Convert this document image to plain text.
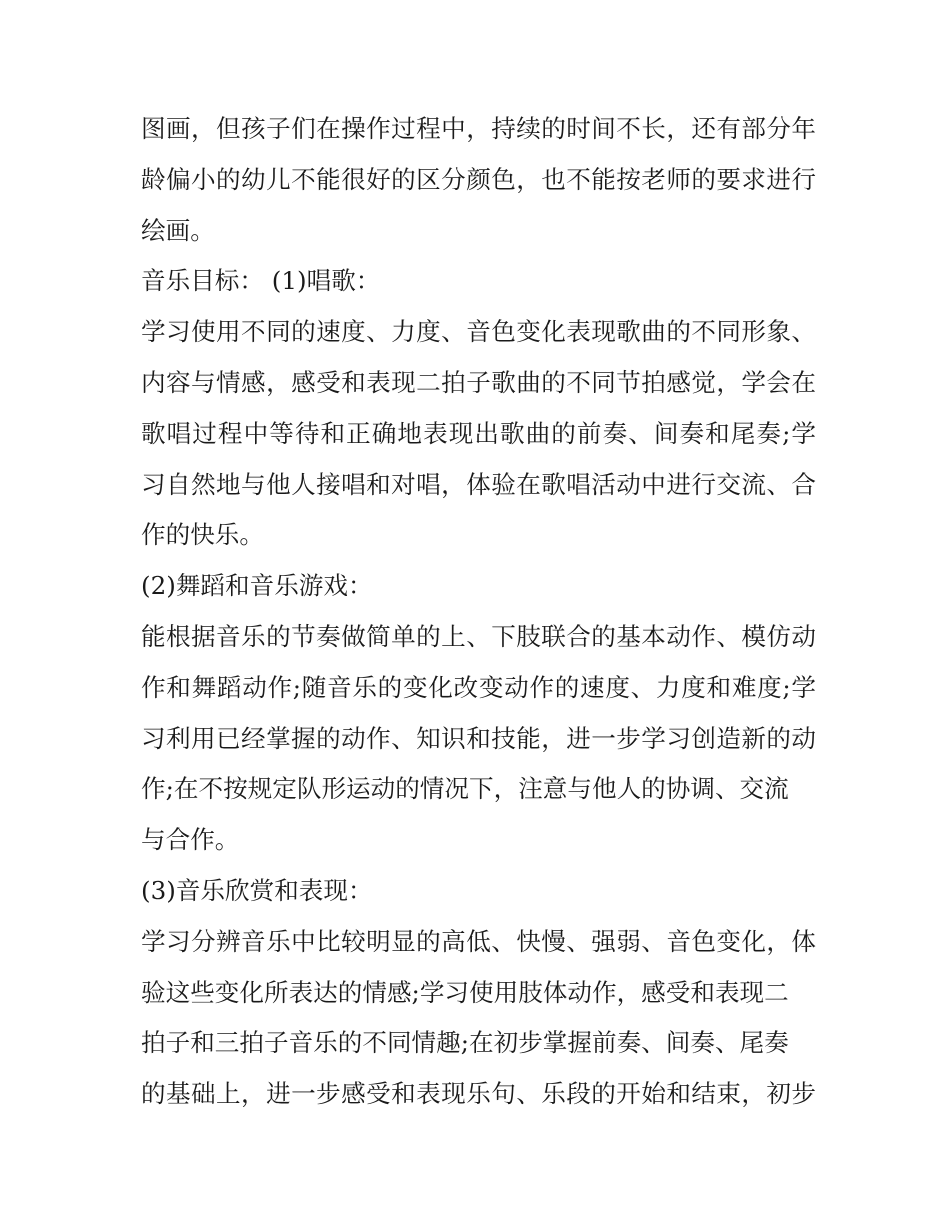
图画，但孩子们在操作过程中，持续的时间不长，还有部分年
龄偏小的幼儿不能很好的区分颜色，也不能按老师的要求进行
绘画。
音乐目标： (1)唱歌：
学习使用不同的速度、力度、音色变化表现歌曲的不同形象、
内容与情感，感受和表现二拍子歌曲的不同节拍感觉，学会在
歌唱过程中等待和正确地表现出歌曲的前奏、间奏和尾奏;学
习自然地与他人接唱和对唱，体验在歌唱活动中进行交流、合
作的快乐。
(2)舞蹈和音乐游戏：
能根据音乐的节奏做简单的上、下肢联合的基本动作、模仿动
作和舞蹈动作;随音乐的变化改变动作的速度、力度和难度;学
习利用已经掌握的动作、知识和技能，进一步学习创造新的动
作;在不按规定队形运动的情况下，注意与他人的协调、交流
与合作。
(3)音乐欣赏和表现：
学习分辨音乐中比较明显的高低、快慢、强弱、音色变化，体
验这些变化所表达的情感;学习使用肢体动作，感受和表现二
拍子和三拍子音乐的不同情趣;在初步掌握前奏、间奏、尾奏
的基础上，进一步感受和表现乐句、乐段的开始和结束，初步
